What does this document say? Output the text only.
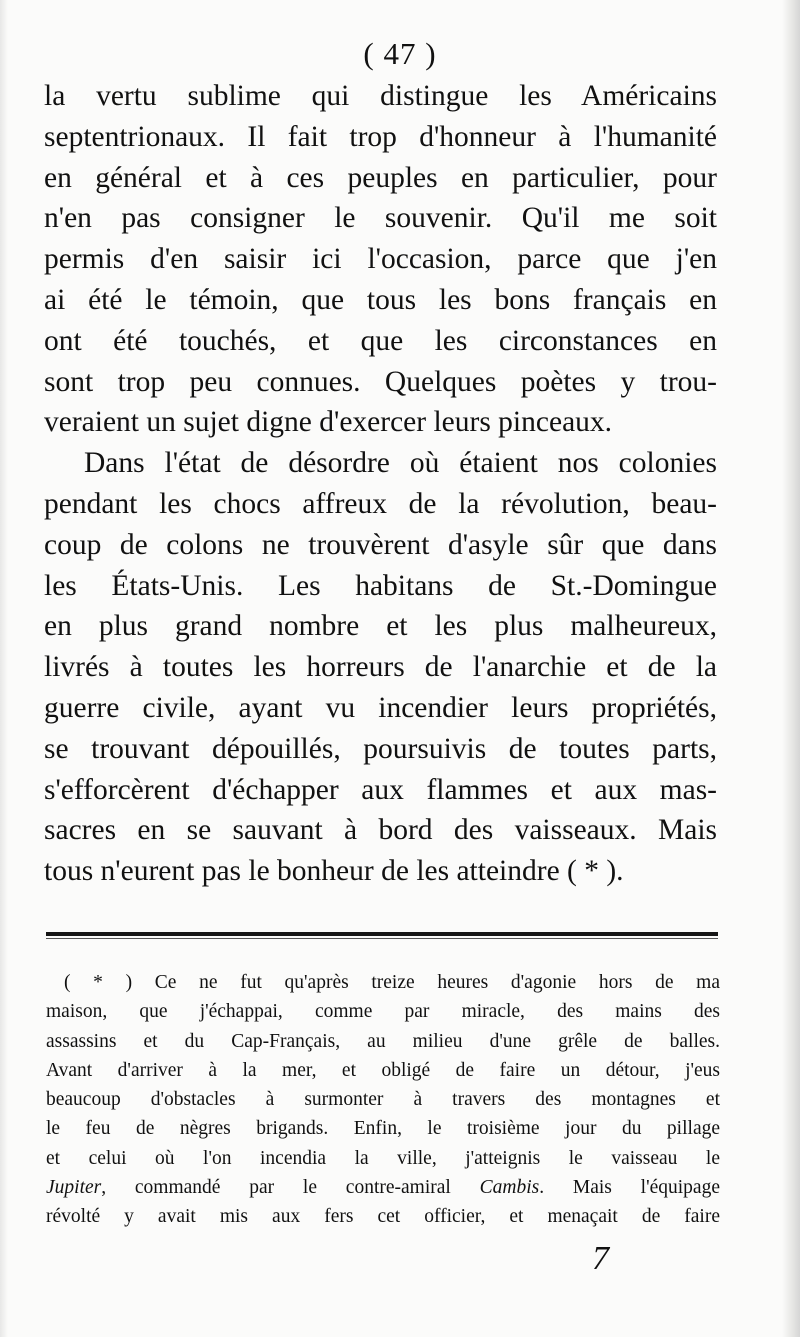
( 47 )
la vertu sublime qui distingue les Américains
septentrionaux. Il fait trop d'honneur à l'humanité
en général et à ces peuples en particulier, pour
n'en pas consigner le souvenir. Qu'il me soit
permis d'en saisir ici l'occasion, parce que j'en
ai été le témoin, que tous les bons français en
ont été touchés, et que les circonstances en
sont trop peu connues. Quelques poètes y trou-
veraient un sujet digne d'exercer leurs pinceaux.
Dans l'état de désordre où étaient nos colonies
pendant les chocs affreux de la révolution, beau-
coup de colons ne trouvèrent d'asyle sûr que dans
les États-Unis. Les habitans de St.-Domingue
en plus grand nombre et les plus malheureux,
livrés à toutes les horreurs de l'anarchie et de la
guerre civile, ayant vu incendier leurs propriétés,
se trouvant dépouillés, poursuivis de toutes parts,
s'efforcèrent d'échapper aux flammes et aux mas-
sacres en se sauvant à bord des vaisseaux. Mais
tous n'eurent pas le bonheur de les atteindre ( * ).
( * ) Ce ne fut qu'après treize heures d'agonie hors de ma
maison, que j'échappai, comme par miracle, des mains des
assassins et du Cap-Français, au milieu d'une grêle de balles.
Avant d'arriver à la mer, et obligé de faire un détour, j'eus
beaucoup d'obstacles à surmonter à travers des montagnes et
le feu de nègres brigands. Enfin, le troisième jour du pillage
et celui où l'on incendia la ville, j'atteignis le vaisseau le
Jupiter, commandé par le contre-amiral Cambis. Mais l'équipage
révolté y avait mis aux fers cet officier, et menaçait de faire
7
